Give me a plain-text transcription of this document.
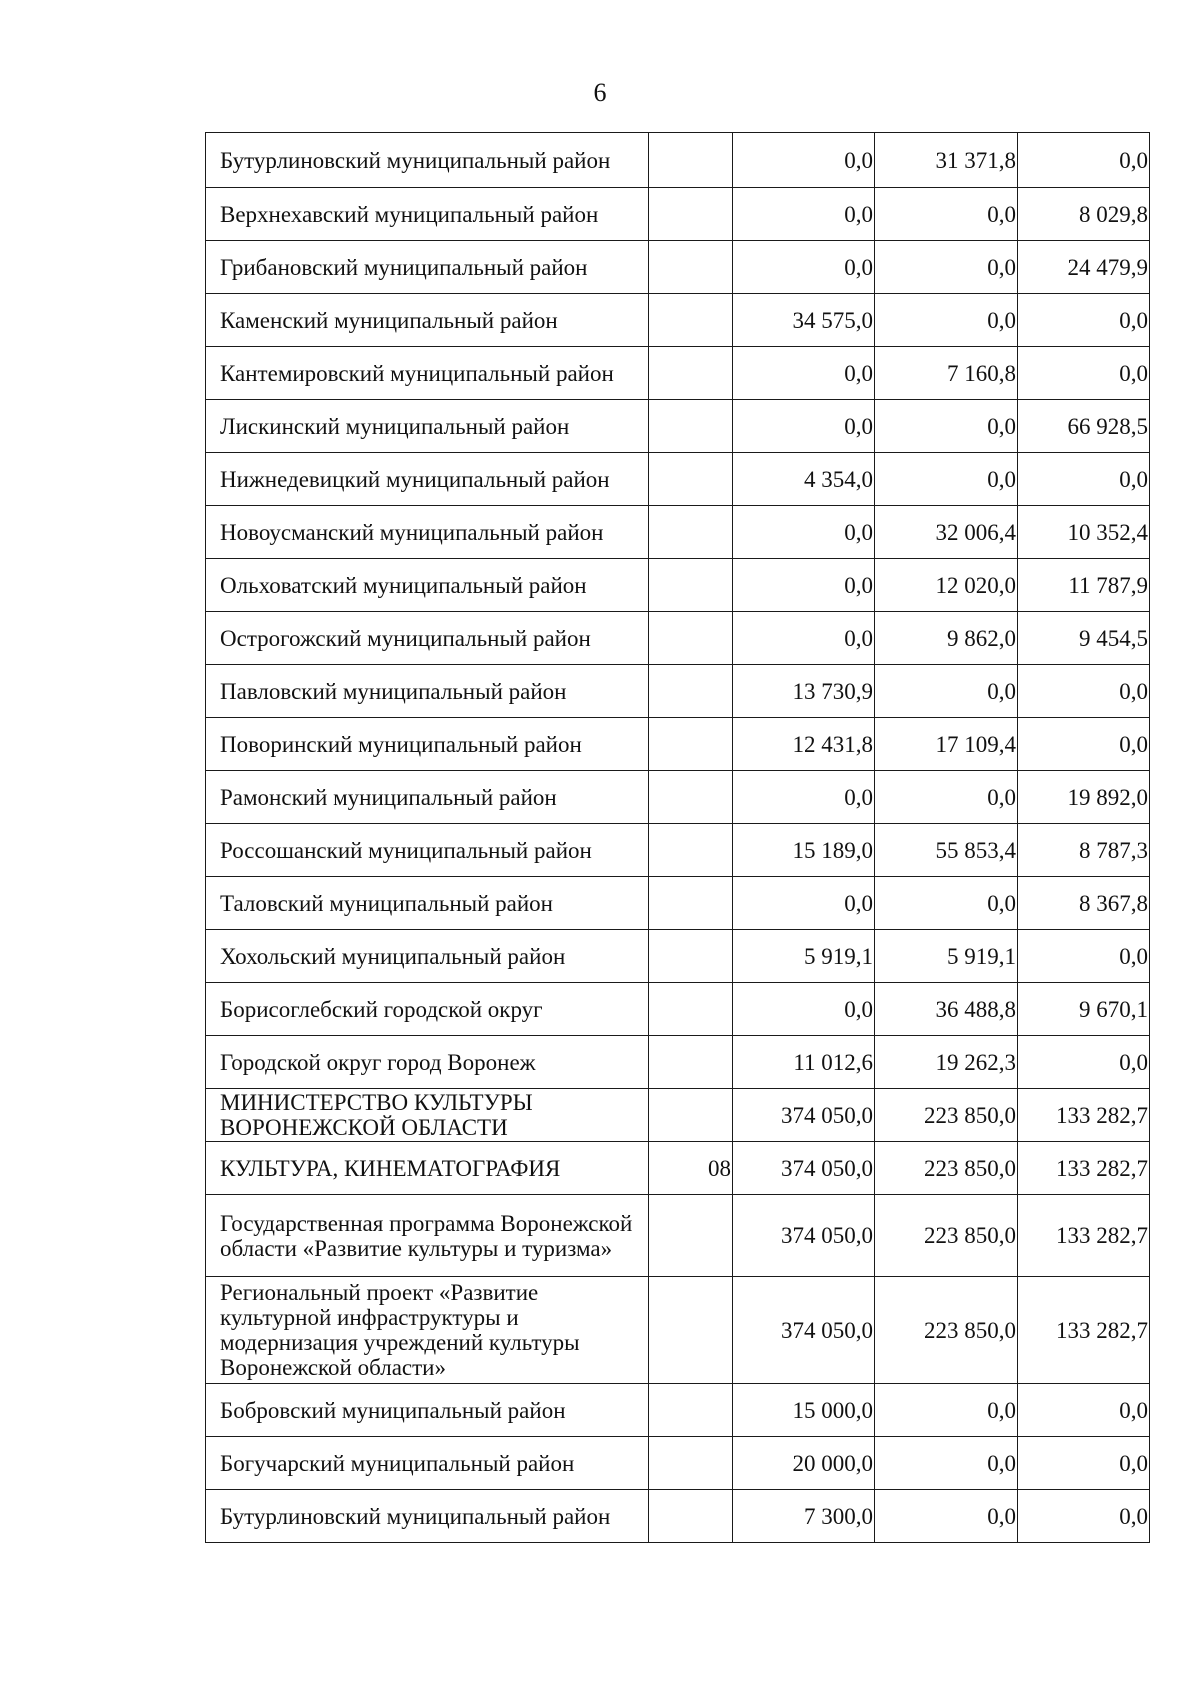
6
Бутурлиновский муниципальный район		0,0	31 371,8	0,0
Верхнехавский муниципальный район		0,0	0,0	8 029,8
Грибановский муниципальный район		0,0	0,0	24 479,9
Каменский муниципальный район		34 575,0	0,0	0,0
Кантемировский муниципальный район		0,0	7 160,8	0,0
Лискинский муниципальный район		0,0	0,0	66 928,5
Нижнедевицкий муниципальный район		4 354,0	0,0	0,0
Новоусманский муниципальный район		0,0	32 006,4	10 352,4
Ольховатский муниципальный район		0,0	12 020,0	11 787,9
Острогожский муниципальный район		0,0	9 862,0	9 454,5
Павловский муниципальный район		13 730,9	0,0	0,0
Поворинский муниципальный район		12 431,8	17 109,4	0,0
Рамонский муниципальный район		0,0	0,0	19 892,0
Россошанский муниципальный район		15 189,0	55 853,4	8 787,3
Таловский муниципальный район		0,0	0,0	8 367,8
Хохольский муниципальный район		5 919,1	5 919,1	0,0
Борисоглебский городской округ		0,0	36 488,8	9 670,1
Городской округ город Воронеж		11 012,6	19 262,3	0,0
МИНИСТЕРСТВО КУЛЬТУРЫ ВОРОНЕЖСКОЙ ОБЛАСТИ		374 050,0	223 850,0	133 282,7
КУЛЬТУРА, КИНЕМАТОГРАФИЯ	08	374 050,0	223 850,0	133 282,7
Государственная программа Воронежской области «Развитие культуры и туризма»		374 050,0	223 850,0	133 282,7
Региональный проект «Развитие культурной инфраструктуры и модернизация учреждений культуры Воронежской области»		374 050,0	223 850,0	133 282,7
Бобровский муниципальный район		15 000,0	0,0	0,0
Богучарский муниципальный район		20 000,0	0,0	0,0
Бутурлиновский муниципальный район		7 300,0	0,0	0,0
